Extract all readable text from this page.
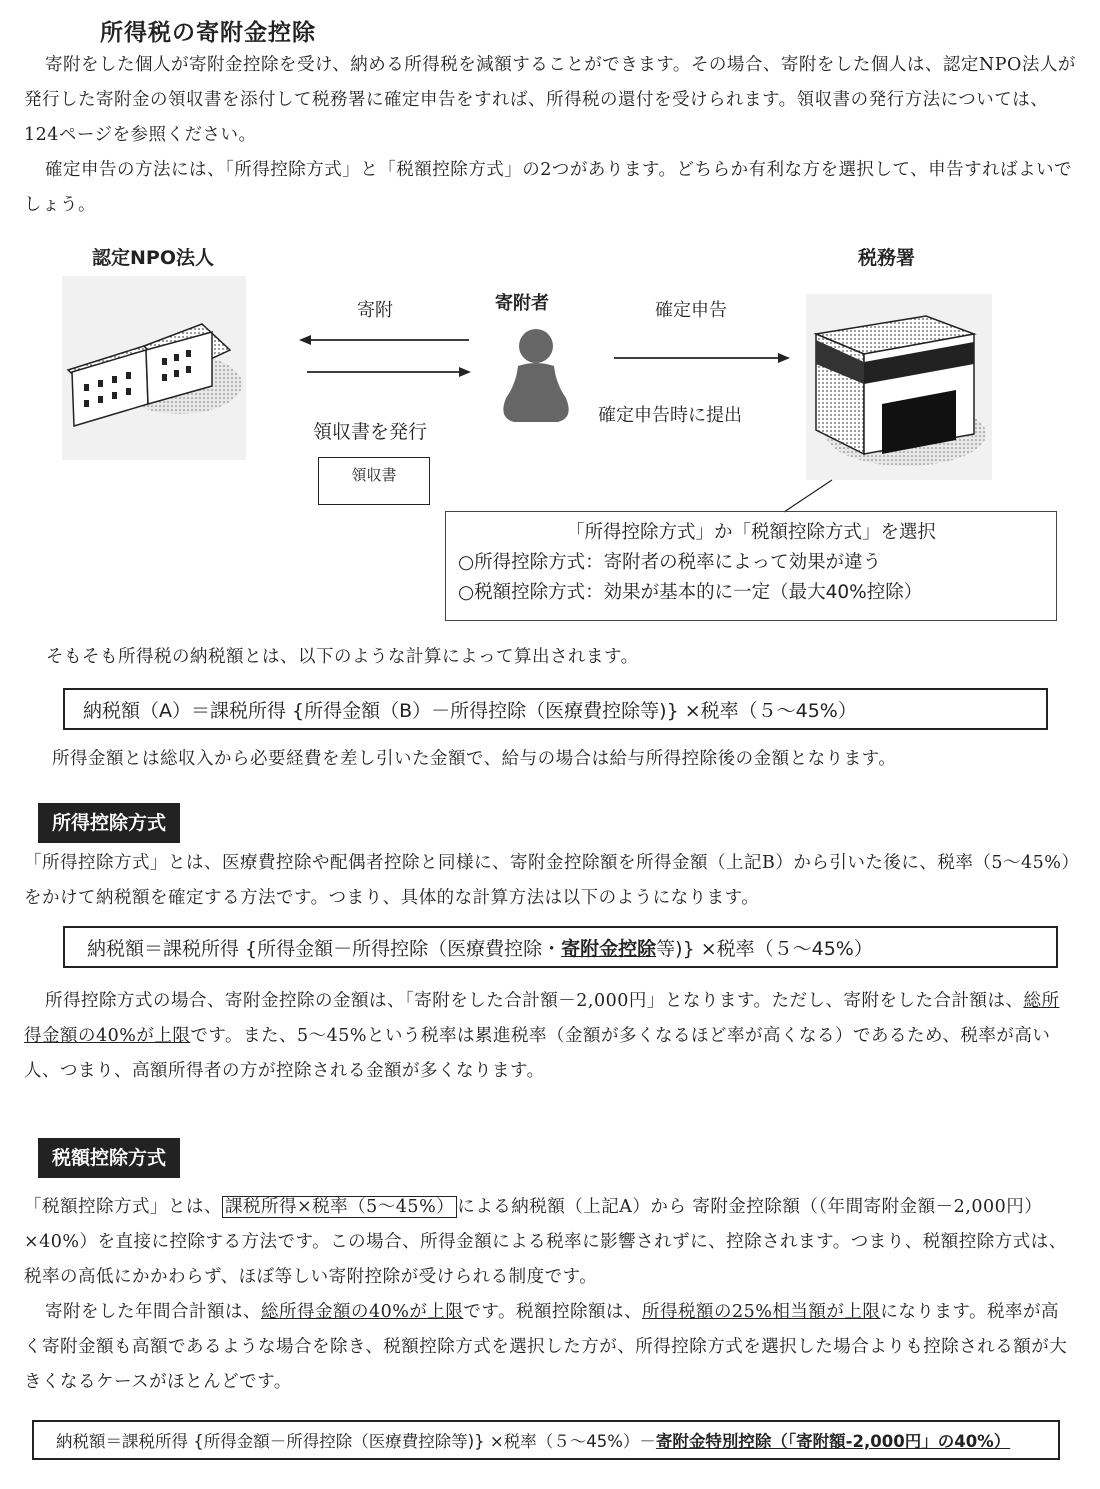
所得税の寄附金控除

寄附をした個人が寄附金控除を受け、納める所得税を減額することができます。その場合、寄附をした個人は、認定NPO法人が発行した寄附金の領収書を添付して税務署に確定申告をすれば、所得税の還付を受けられます。領収書の発行方法については、124ページを参照ください。

確定申告の方法には、「所得控除方式」と「税額控除方式」の2つがあります。どちらか有利な方を選択して、申告すればよいでしょう。

認定NPO法人	税務署
寄附
領収書を発行
領収書
寄附者	確定申告
確定申告時に提出
「所得控除方式」か「税額控除方式」を選択
○所得控除方式：寄附者の税率によって効果が違う
○税額控除方式：効果が基本的に一定（最大40%控除）
そもそも所得税の納税額とは、以下のような計算によって算出されます。
納税額（A）＝課税所得 {所得金額（B）－所得控除（医療費控除等)} ×税率（５～45%）
所得金額とは総収入から必要経費を差し引いた金額で、給与の場合は給与所得控除後の金額となります。
所得控除方式

「所得控除方式」とは、医療費控除や配偶者控除と同様に、寄附金控除額を所得金額（上記B）から引いた後に、税率（5～45%）をかけて納税額を確定する方法です。つまり、具体的な計算方法は以下のようになります。

納税額＝課税所得 {所得金額－所得控除（医療費控除・ 寄附金控除 等)} ×税率（５～45%）

所得控除方式の場合、寄附金控除の金額は、「寄附をした合計額－2,000円」となります。ただし、寄附をした合計額は、総所得金額の40%が上限です。また、5～45%という税率は累進税率（金額が多くなるほど率が高くなる）であるため、税率が高い人、つまり、高額所得者の方が控除される金額が多くなります。

税額控除方式

「税額控除方式」とは、 課税所得×税率（5～45%） による納税額（上記A）から 寄附金控除額（（年間寄附金額－2,000円）×40%）を直接に控除する方法です。この場合、所得金額による税率に影響されずに、控除されます。つまり、税額控除方式は、税率の高低にかかわらず、ほぼ等しい寄附控除が受けられる制度です。

寄附をした年間合計額は、総所得金額の40%が上限です。税額控除額は、所得税額の25%相当額が上限になります。税率が高く寄附金額も高額であるような場合を除き、税額控除方式を選択した方が、所得控除方式を選択した場合よりも控除される額が大きくなるケースがほとんどです。

納税額＝課税所得 {所得金額－所得控除（医療費控除等)} ×税率（５～45%）－ 寄附金特別控除（「寄附額-2,000円」の40%）
